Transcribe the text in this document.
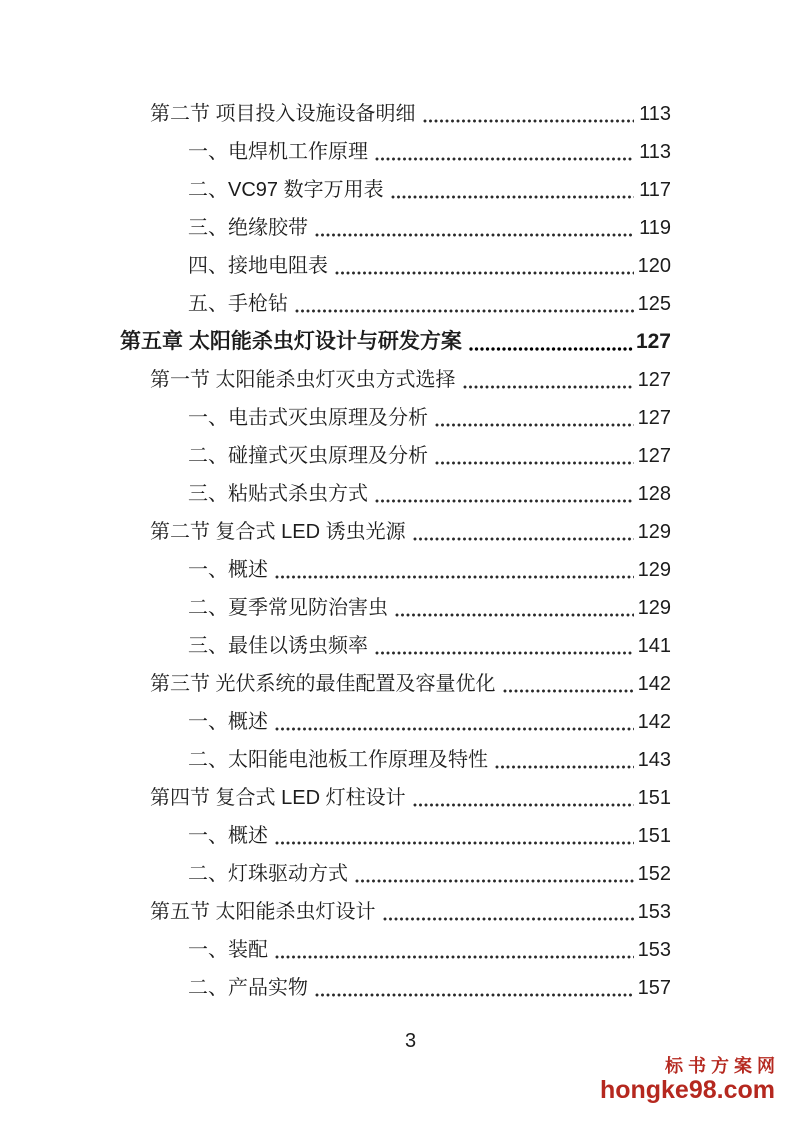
第二节 项目投入设施设备明细	113
一、电焊机工作原理	113
二、VC97 数字万用表	117
三、绝缘胶带	119
四、接地电阻表	120
五、手枪钻	125
第五章 太阳能杀虫灯设计与研发方案	127
第一节 太阳能杀虫灯灭虫方式选择	127
一、电击式灭虫原理及分析	127
二、碰撞式灭虫原理及分析	127
三、粘贴式杀虫方式	128
第二节 复合式 LED 诱虫光源	129
一、概述	129
二、夏季常见防治害虫	129
三、最佳以诱虫频率	141
第三节 光伏系统的最佳配置及容量优化	142
一、概述	142
二、太阳能电池板工作原理及特性	143
第四节 复合式 LED 灯柱设计	151
一、概述	151
二、灯珠驱动方式	152
第五节 太阳能杀虫灯设计	153
一、装配	153
二、产品实物	157
3
标书方案网
hongke98.com
